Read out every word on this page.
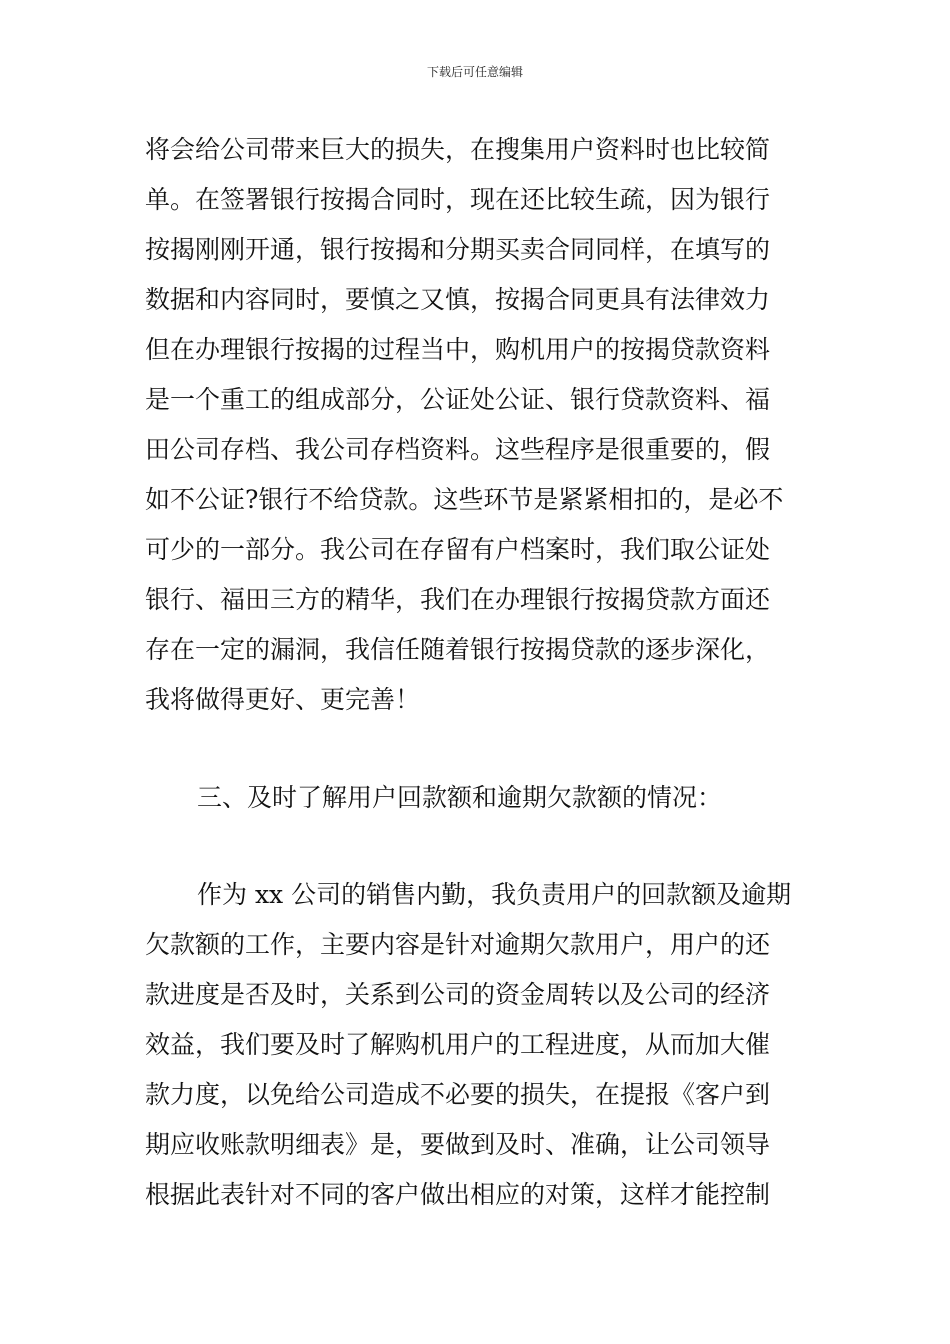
下载后可任意编辑
将会给公司带来巨大的损失，在搜集用户资料时也比较简
单。在签署银行按揭合同时，现在还比较生疏，因为银行
按揭刚刚开通，银行按揭和分期买卖合同同样，在填写的
数据和内容同时，要慎之又慎，按揭合同更具有法律效力
但在办理银行按揭的过程当中，购机用户的按揭贷款资料
是一个重工的组成部分，公证处公证、银行贷款资料、福
田公司存档、我公司存档资料。这些程序是很重要的，假
如不公证?银行不给贷款。这些环节是紧紧相扣的，是必不
可少的一部分。我公司在存留有户档案时，我们取公证处
银行、福田三方的精华，我们在办理银行按揭贷款方面还
存在一定的漏洞，我信任随着银行按揭贷款的逐步深化，
我将做得更好、更完善！
三、及时了解用户回款额和逾期欠款额的情况：
作为 xx 公司的销售内勤，我负责用户的回款额及逾期
欠款额的工作，主要内容是针对逾期欠款用户，用户的还
款进度是否及时，关系到公司的资金周转以及公司的经济
效益，我们要及时了解购机用户的工程进度，从而加大催
款力度，以免给公司造成不必要的损失，在提报《客户到
期应收账款明细表》是，要做到及时、准确，让公司领导
根据此表针对不同的客户做出相应的对策，这样才能控制
